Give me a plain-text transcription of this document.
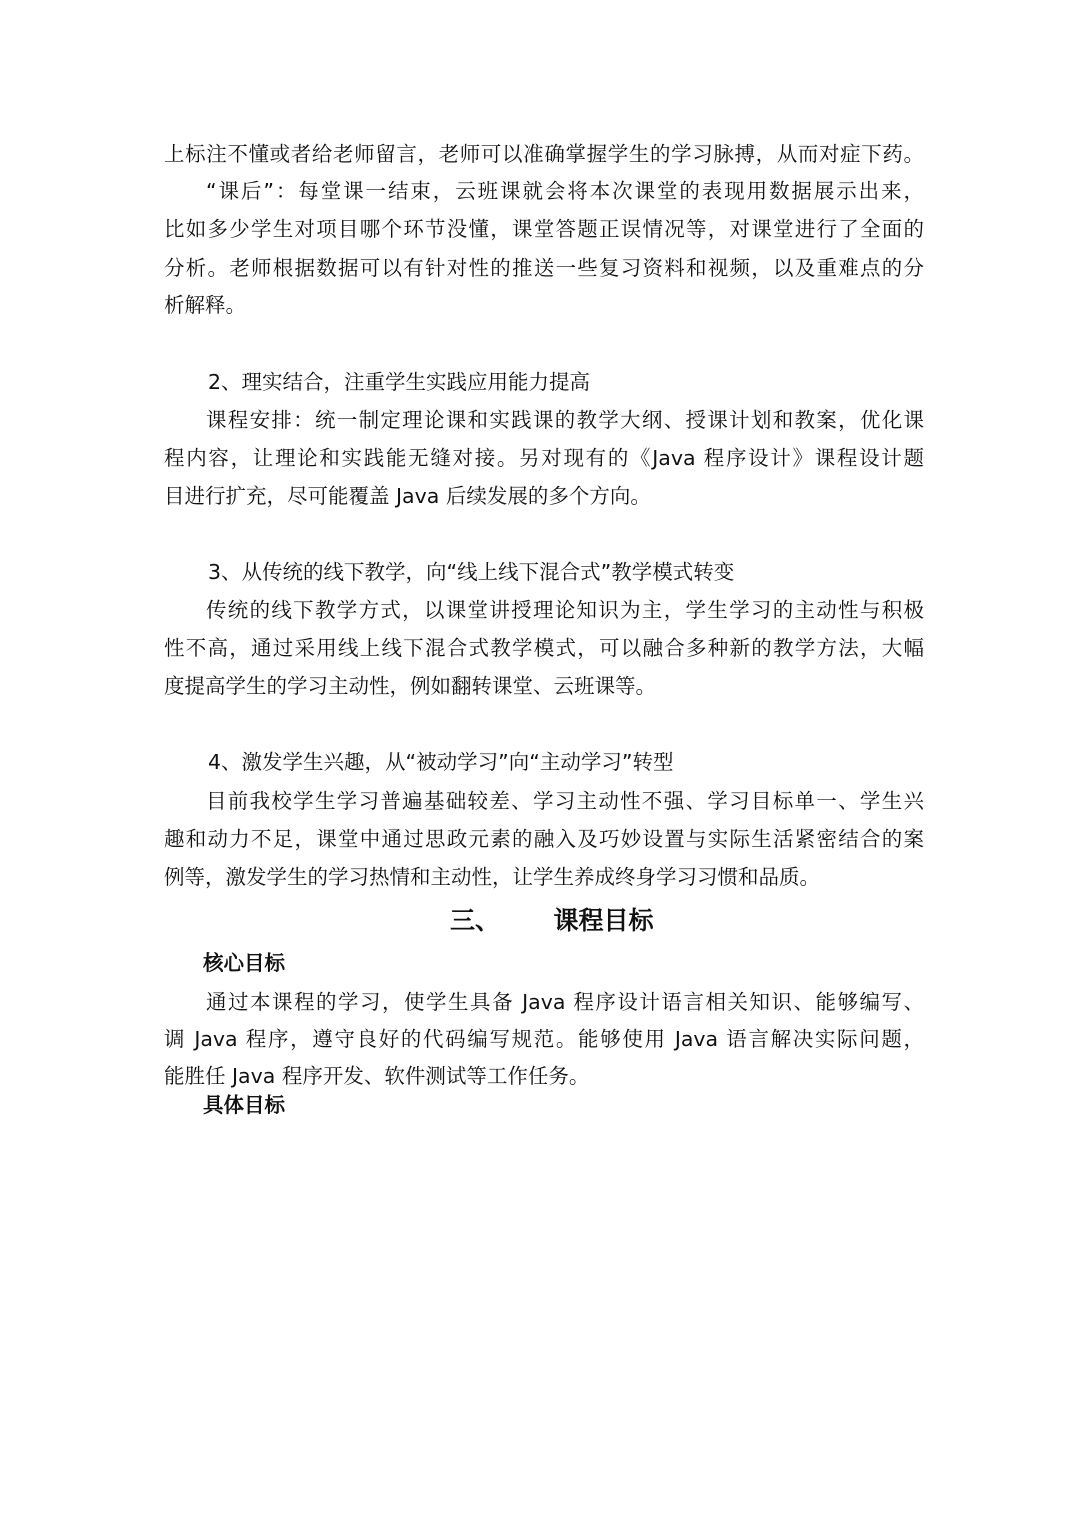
上标注不懂或者给老师留言，老师可以准确掌握学生的学习脉搏，从而对症下药。
“课后”：每堂课一结束，云班课就会将本次课堂的表现用数据展示出来，
比如多少学生对项目哪个环节没懂，课堂答题正误情况等，对课堂进行了全面的
分析。老师根据数据可以有针对性的推送一些复习资料和视频，以及重难点的分
析解释。
2、理实结合，注重学生实践应用能力提高
课程安排：统一制定理论课和实践课的教学大纲、授课计划和教案，优化课
程内容，让理论和实践能无缝对接。另对现有的《Java 程序设计》课程设计题
目进行扩充，尽可能覆盖 Java 后续发展的多个方向。
3、从传统的线下教学，向“线上线下混合式”教学模式转变
传统的线下教学方式，以课堂讲授理论知识为主，学生学习的主动性与积极
性不高，通过采用线上线下混合式教学模式，可以融合多种新的教学方法，大幅
度提高学生的学习主动性，例如翻转课堂、云班课等。
4、激发学生兴趣，从“被动学习”向“主动学习”转型
目前我校学生学习普遍基础较差、学习主动性不强、学习目标单一、学生兴
趣和动力不足，课堂中通过思政元素的融入及巧妙设置与实际生活紧密结合的案
例等，激发学生的学习热情和主动性，让学生养成终身学习习惯和品质。
三、 课程目标
核心目标
通过本课程的学习，使学生具备 Java 程序设计语言相关知识、能够编写、
调 Java 程序，遵守良好的代码编写规范。能够使用 Java 语言解决实际问题，
能胜任 Java 程序开发、软件测试等工作任务。
具体目标
